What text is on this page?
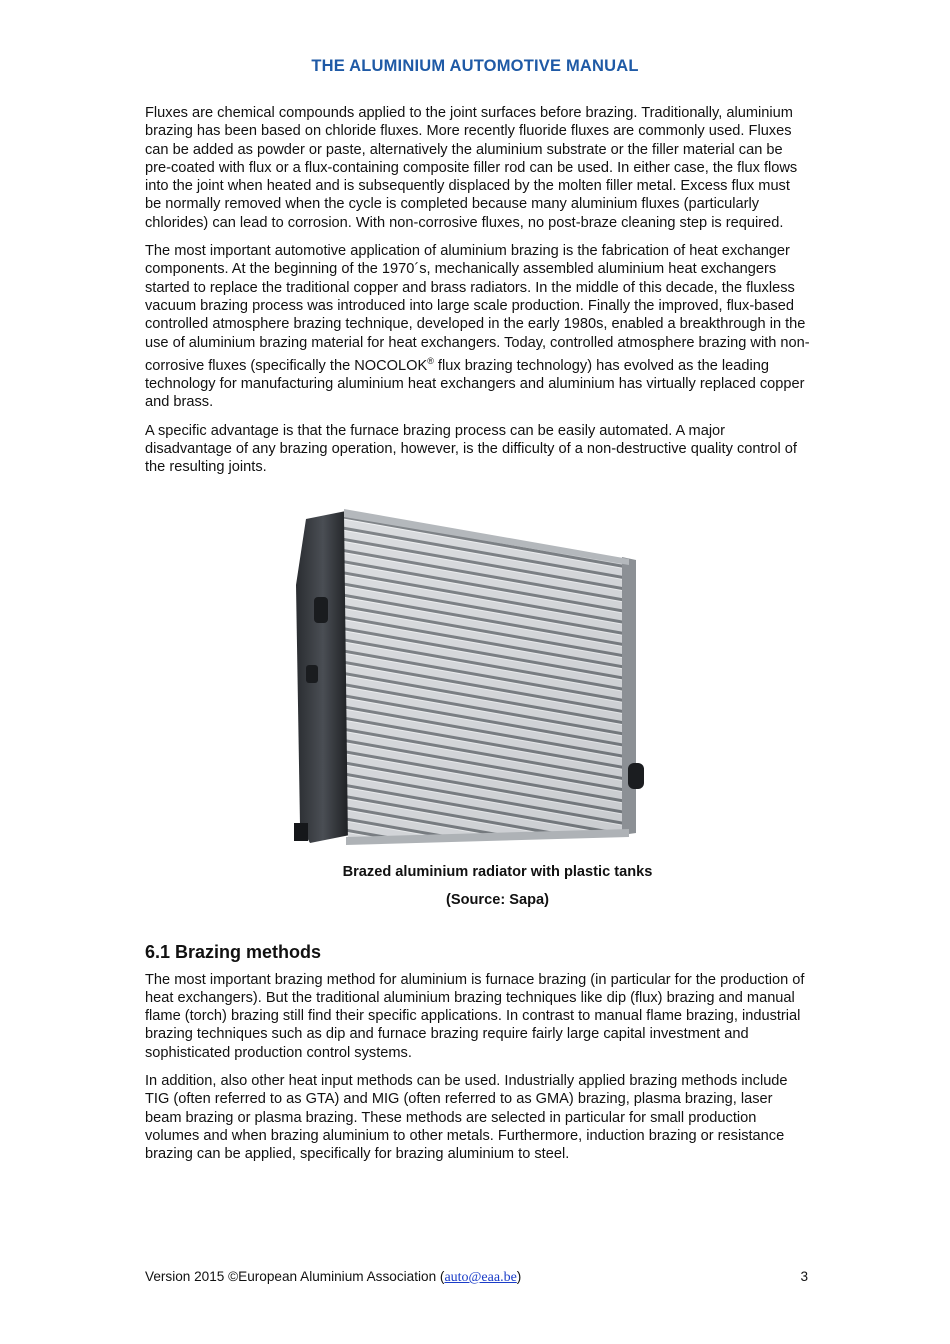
THE ALUMINIUM AUTOMOTIVE MANUAL

Fluxes are chemical compounds applied to the joint surfaces before brazing. Traditionally, aluminium brazing has been based on chloride fluxes. More recently fluoride fluxes are commonly used. Fluxes can be added as powder or paste, alternatively the aluminium substrate or the filler material can be pre-coated with flux or a flux-containing composite filler rod can be used. In either case, the flux flows into the joint when heated and is subsequently displaced by the molten filler metal. Excess flux must be normally removed when the cycle is completed because many aluminium fluxes (particularly chlorides) can lead to corrosion. With non-corrosive fluxes, no post-braze cleaning step is required.

The most important automotive application of aluminium brazing is the fabrication of heat exchanger components. At the beginning of the 1970´s, mechanically assembled aluminium heat exchangers started to replace the traditional copper and brass radiators. In the middle of this decade, the fluxless vacuum brazing process was introduced into large scale production. Finally the improved, flux-based controlled atmosphere brazing technique, developed in the early 1980s, enabled a breakthrough in the use of aluminium brazing material for heat exchangers. Today, controlled atmosphere brazing with non-corrosive fluxes (specifically the NOCOLOK® flux brazing technology) has evolved as the leading technology for manufacturing aluminium heat exchangers and aluminium has virtually replaced copper and brass.

A specific advantage is that the furnace brazing process can be easily automated. A major disadvantage of any brazing operation, however, is the difficulty of a non-destructive quality control of the resulting joints.

Brazed aluminium radiator with plastic tanks

(Source: Sapa)

6.1 Brazing methods

The most important brazing method for aluminium is furnace brazing (in particular for the production of heat exchangers). But the traditional aluminium brazing techniques like dip (flux) brazing and manual flame (torch) brazing still find their specific applications. In contrast to manual flame brazing, industrial brazing techniques such as dip and furnace brazing require fairly large capital investment and sophisticated production control systems.

In addition, also other heat input methods can be used. Industrially applied brazing methods include TIG (often referred to as GTA) and MIG (often referred to as GMA) brazing, plasma brazing, laser beam brazing or plasma brazing. These methods are selected in particular for small production volumes and when brazing aluminium to other metals. Furthermore, induction brazing or resistance brazing can be applied, specifically for brazing aluminium to steel.

Version 2015 ©European Aluminium Association (auto@eaa.be)	3
